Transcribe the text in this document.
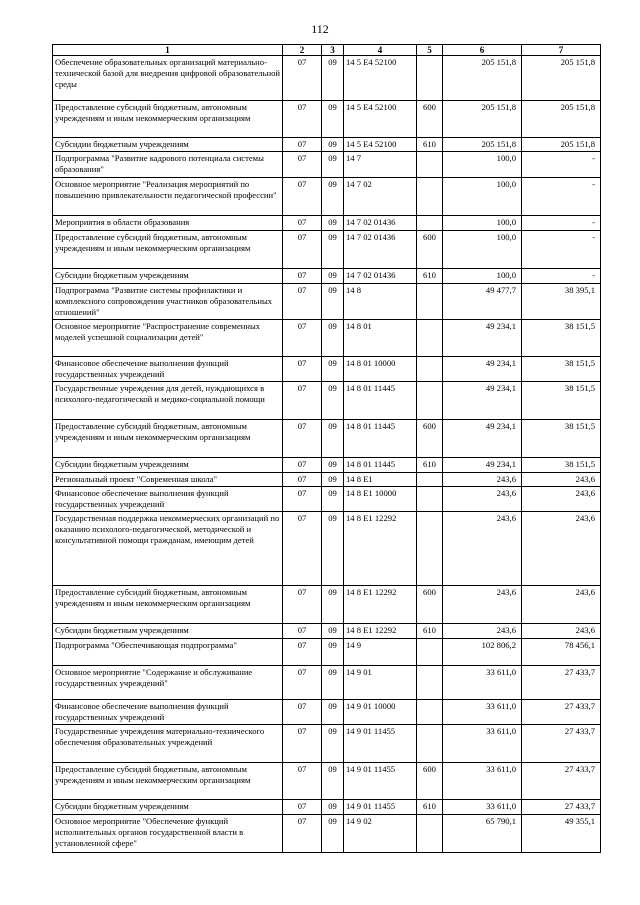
112
1	2	3	4	5	6	7
Обеспечение образовательных организаций материально-технической базой для внедрения цифровой образовательной среды	07	09	14 5 Е4 52100		205 151,8	205 151,8
Предоставление субсидий бюджетным, автономным учреждениям и иным некоммерческим организациям	07	09	14 5 Е4 52100	600	205 151,8	205 151,8
Субсидии бюджетным учреждениям	07	09	14 5 Е4 52100	610	205 151,8	205 151,8
Подпрограмма "Развитие кадрового потенциала системы образования"	07	09	14 7		100,0	-
Основное мероприятие "Реализация мероприятий по повышению привлекательности педагогической профессии"	07	09	14 7 02		100,0	-
Мероприятия в области образования	07	09	14 7 02 01436		100,0	-
Предоставление субсидий бюджетным, автономным учреждениям и иным некоммерческим организациям	07	09	14 7 02 01436	600	100,0	-
Субсидии бюджетным учреждениям	07	09	14 7 02 01436	610	100,0	-
Подпрограмма "Развитие системы профилактики и комплексного сопровождения участников образовательных отношений"	07	09	14 8		49 477,7	38 395,1
Основное мероприятие "Распространение современных моделей успешной социализации детей"	07	09	14 8 01		49 234,1	38 151,5
Финансовое обеспечение выполнения функций государственных учреждений	07	09	14 8 01 10000		49 234,1	38 151,5
Государственные учреждения для детей, нуждающихся в психолого-педагогической и медико-социальной помощи	07	09	14 8 01 11445		49 234,1	38 151,5
Предоставление субсидий бюджетным, автономным учреждениям и иным некоммерческим организациям	07	09	14 8 01 11445	600	49 234,1	38 151,5
Субсидии бюджетным учреждениям	07	09	14 8 01 11445	610	49 234,1	38 151,5
Региональный проект "Современная школа"	07	09	14 8 Е1		243,6	243,6
Финансовое обеспечение выполнения функций государственных учреждений	07	09	14 8 Е1 10000		243,6	243,6
Государственная поддержка некоммерческих организаций по оказанию психолого-педагогической, методической и консультативной помощи гражданам, имеющим детей	07	09	14 8 Е1 12292		243,6	243,6
Предоставление субсидий бюджетным, автономным учреждениям и иным некоммерческим организациям	07	09	14 8 Е1 12292	600	243,6	243,6
Субсидии бюджетным учреждениям	07	09	14 8 Е1 12292	610	243,6	243,6
Подпрограмма "Обеспечивающая подпрограмма"	07	09	14 9		102 806,2	78 456,1
Основное мероприятие "Содержание и обслуживание государственных учреждений"	07	09	14 9 01		33 611,0	27 433,7
Финансовое обеспечение выполнения функций государственных учреждений	07	09	14 9 01 10000		33 611,0	27 433,7
Государственные учреждения материально-технического обеспечения образовательных учреждений	07	09	14 9 01 11455		33 611,0	27 433,7
Предоставление субсидий бюджетным, автономным учреждениям и иным некоммерческим организациям	07	09	14 9 01 11455	600	33 611,0	27 433,7
Субсидии бюджетным учреждениям	07	09	14 9 01 11455	610	33 611,0	27 433,7
Основное мероприятие "Обеспечение функций исполнительных органов государственной власти в установленной сфере"	07	09	14 9 02		65 790,1	49 355,1
